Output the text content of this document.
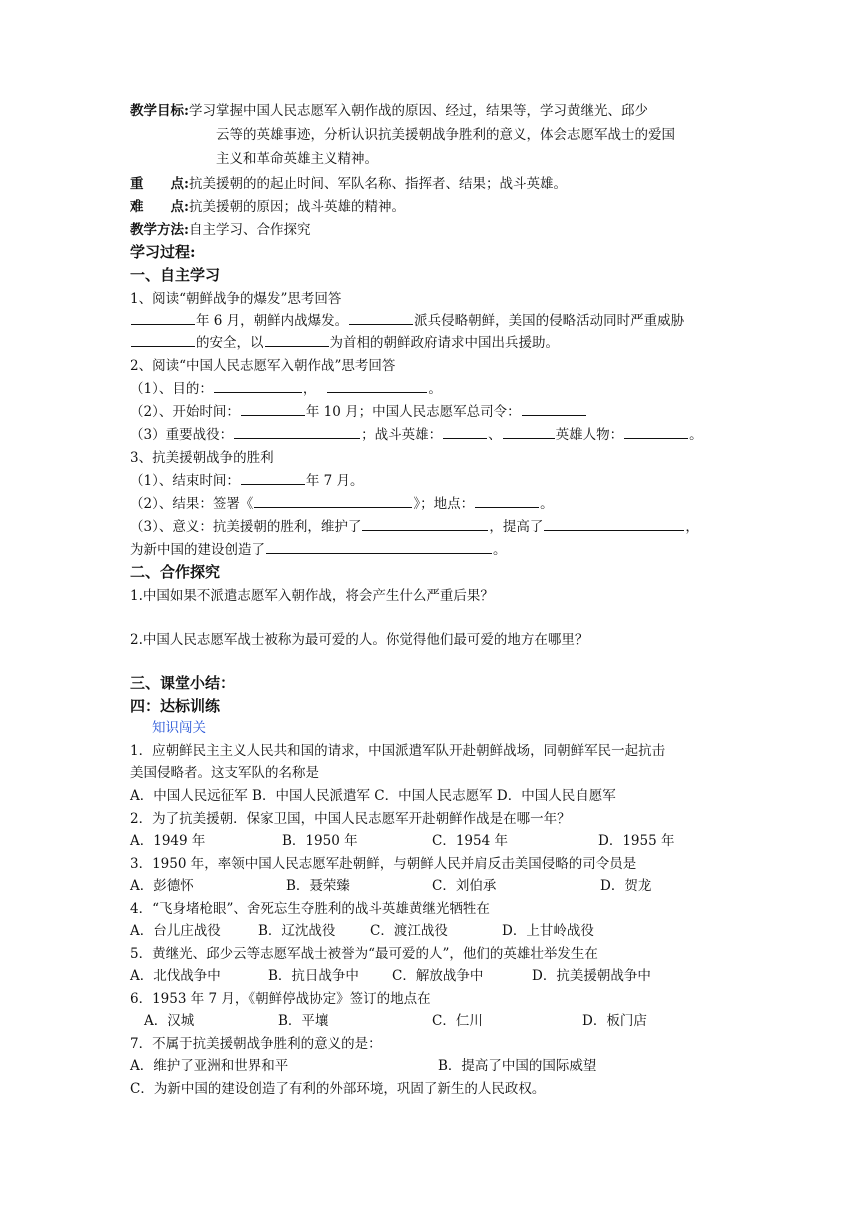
教学目标:学习掌握中国人民志愿军入朝作战的原因、经过，结果等，学习黄继光、邱少
云等的英雄事迹，分析认识抗美援朝战争胜利的意义，体会志愿军战士的爱国
主义和革命英雄主义精神。
重　　点:抗美援朝的的起止时间、军队名称、指挥者、结果；战斗英雄。
难　　点:抗美援朝的原因；战斗英雄的精神。
教学方法:自主学习、合作探究
学习过程:
一、自主学习
1、阅读“朝鲜战争的爆发”思考回答
年 6 月，朝鲜内战爆发。	派兵侵略朝鲜，美国的侵略活动同时严重威胁
的安全，以	为首相的朝鲜政府请求中国出兵援助。
2、阅读“中国人民志愿军入朝作战”思考回答
（1）、目的：	，	。
（2）、开始时间：	年 10 月；中国人民志愿军总司令：
（3）重要战役：	；战斗英雄：	、	英雄人物：	。
3、抗美援朝战争的胜利
（1）、结束时间：	年 7 月。
（2）、结果：签署《	》；地点：	。
（3）、意义：抗美援朝的胜利，维护了	，提高了	，
为新中国的建设创造了	。
二、合作探究
1.中国如果不派遣志愿军入朝作战，将会产生什么严重后果？
2.中国人民志愿军战士被称为最可爱的人。你觉得他们最可爱的地方在哪里？
三、课堂小结：
四：达标训练
知识闯关
1．应朝鲜民主主义人民共和国的请求，中国派遣军队开赴朝鲜战场，同朝鲜军民一起抗击
美国侵略者。这支军队的名称是
A．中国人民远征军 B．中国人民派遣军 C．中国人民志愿军 D．中国人民自愿军
2．为了抗美援朝．保家卫国，中国人民志愿军开赴朝鲜作战是在哪一年？
A．1949 年	B．1950 年	C．1954 年	D．1955 年
3．1950 年，率领中国人民志愿军赴朝鲜，与朝鲜人民并肩反击美国侵略的司令员是
A．彭德怀	B．聂荣臻	C．刘伯承	D．贺龙
4．“飞身堵枪眼”、舍死忘生夺胜利的战斗英雄黄继光牺牲在
A．台儿庄战役	B．辽沈战役	C．渡江战役	D．上甘岭战役
5．黄继光、邱少云等志愿军战士被誉为“最可爱的人”，他们的英雄壮举发生在
A．北伐战争中	B．抗日战争中 C．解放战争中	D．抗美援朝战争中
6．1953 年 7 月，《朝鲜停战协定》签订的地点在
A．汉城	B．平壤	C．仁川	D．板门店
7．不属于抗美援朝战争胜利的意义的是：
A．维护了亚洲和世界和平	B．提高了中国的国际威望
C．为新中国的建设创造了有利的外部环境，巩固了新生的人民政权。
